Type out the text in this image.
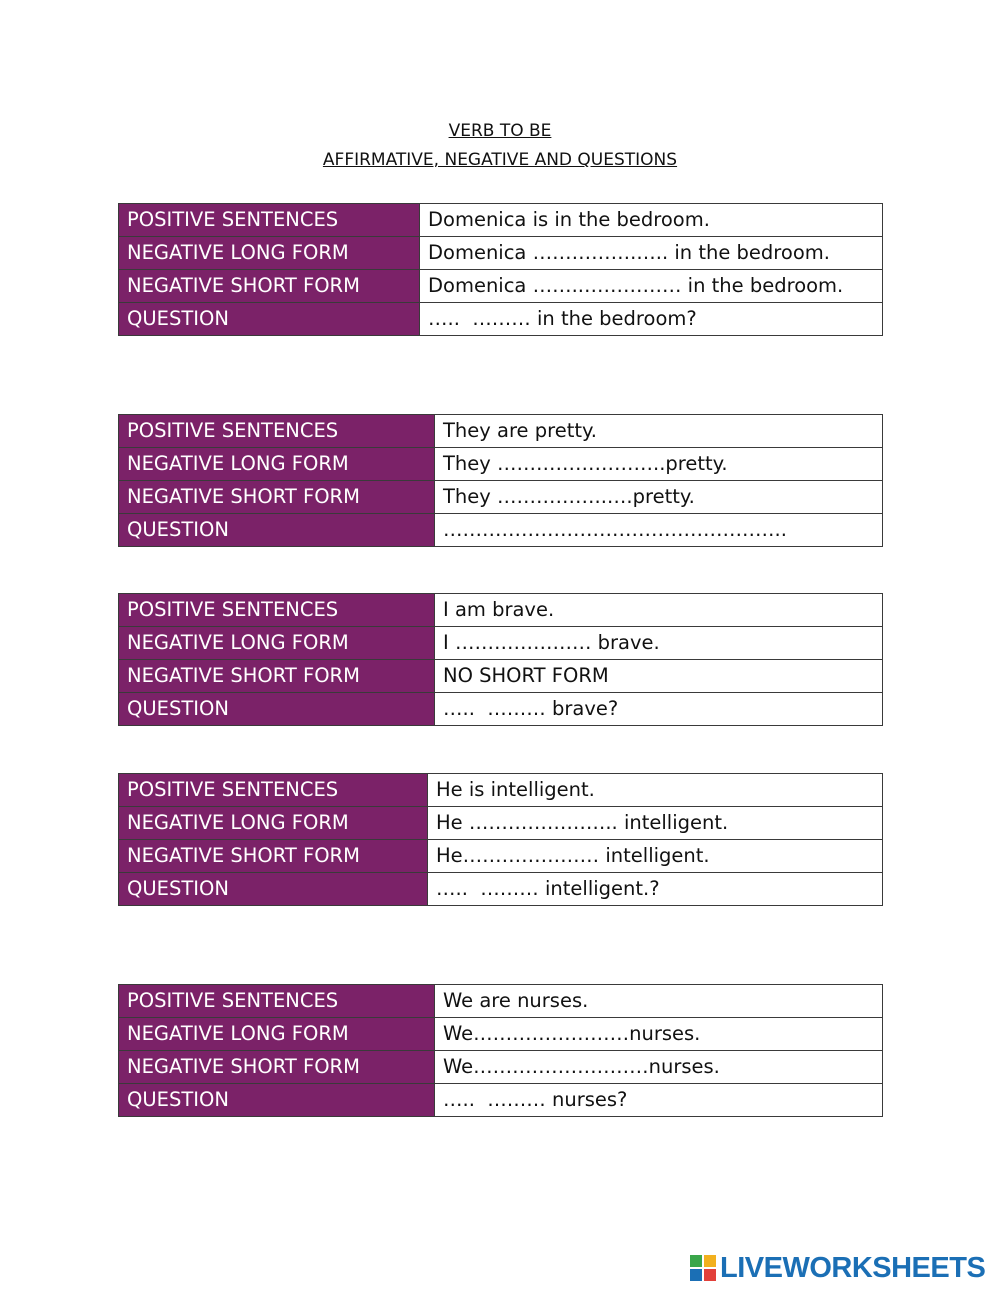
VERB TO BE
AFFIRMATIVE, NEGATIVE AND QUESTIONS
POSITIVE SENTENCES	Domenica is in the bedroom.
NEGATIVE LONG FORM	Domenica …………….….. in the bedroom.
NEGATIVE SHORT FORM	Domenica ……..…………… in the bedroom.
QUESTION	…..  ……… in the bedroom?
POSITIVE SENTENCES	They are pretty.
NEGATIVE LONG FORM	They ……………………..pretty.
NEGATIVE SHORT FORM	They ……………..….pretty.
QUESTION	……………………………………………..
POSITIVE SENTENCES	I am brave.
NEGATIVE LONG FORM	I ………………… brave.
NEGATIVE SHORT FORM	NO SHORT FORM
QUESTION	…..  ……… brave?
POSITIVE SENTENCES	He is intelligent.
NEGATIVE LONG FORM	He ………………….. intelligent.
NEGATIVE SHORT FORM	He………………… intelligent.
QUESTION	…..  ……… intelligent.?
POSITIVE SENTENCES	We are nurses.
NEGATIVE LONG FORM	We……………………nurses.
NEGATIVE SHORT FORM	We………………………nurses.
QUESTION	…..  ……… nurses?
LIVEWORKSHEETS
